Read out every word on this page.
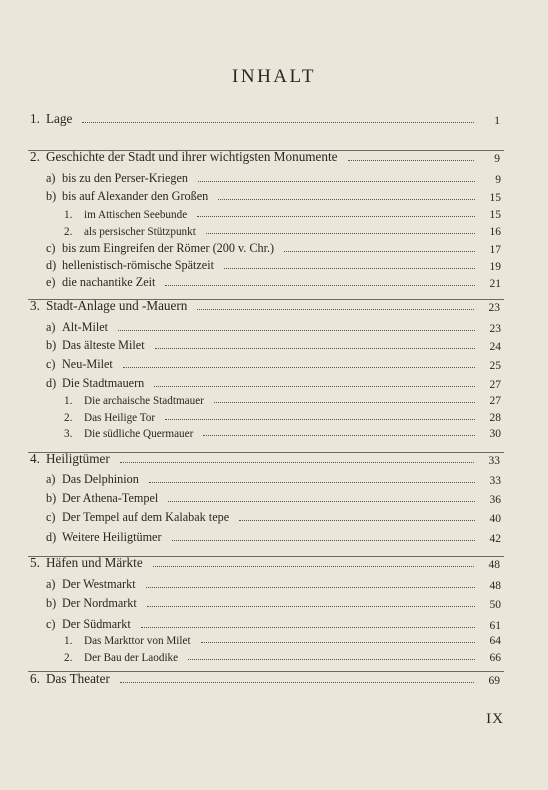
INHALT
1. Lage	1
2. Geschichte der Stadt und ihrer wichtigsten Monumente	9
a) bis zu den Perser-Kriegen	9
b) bis auf Alexander den Großen	15
1.	im Attischen Seebunde	15
2.	als persischer Stützpunkt	16
c) bis zum Eingreifen der Römer (200 v. Chr.)	17
d) hellenistisch-römische Spätzeit	19
e) die nachantike Zeit	21
3. Stadt-Anlage und -Mauern	23
a) Alt-Milet	23
b) Das älteste Milet	24
c) Neu-Milet	25
d) Die Stadtmauern	27
1.	Die archaische Stadtmauer	27
2.	Das Heilige Tor	28
3.	Die südliche Quermauer	30
4. Heiligtümer	33
a) Das Delphinion	33
b) Der Athena-Tempel	36
c) Der Tempel auf dem Kalabak tepe	40
d) Weitere Heiligtümer	42
5. Häfen und Märkte	48
a) Der Westmarkt	48
b) Der Nordmarkt	50
c) Der Südmarkt	61
1.	Das Markttor von Milet	64
2.	Der Bau der Laodike	66
6. Das Theater	69
IX
